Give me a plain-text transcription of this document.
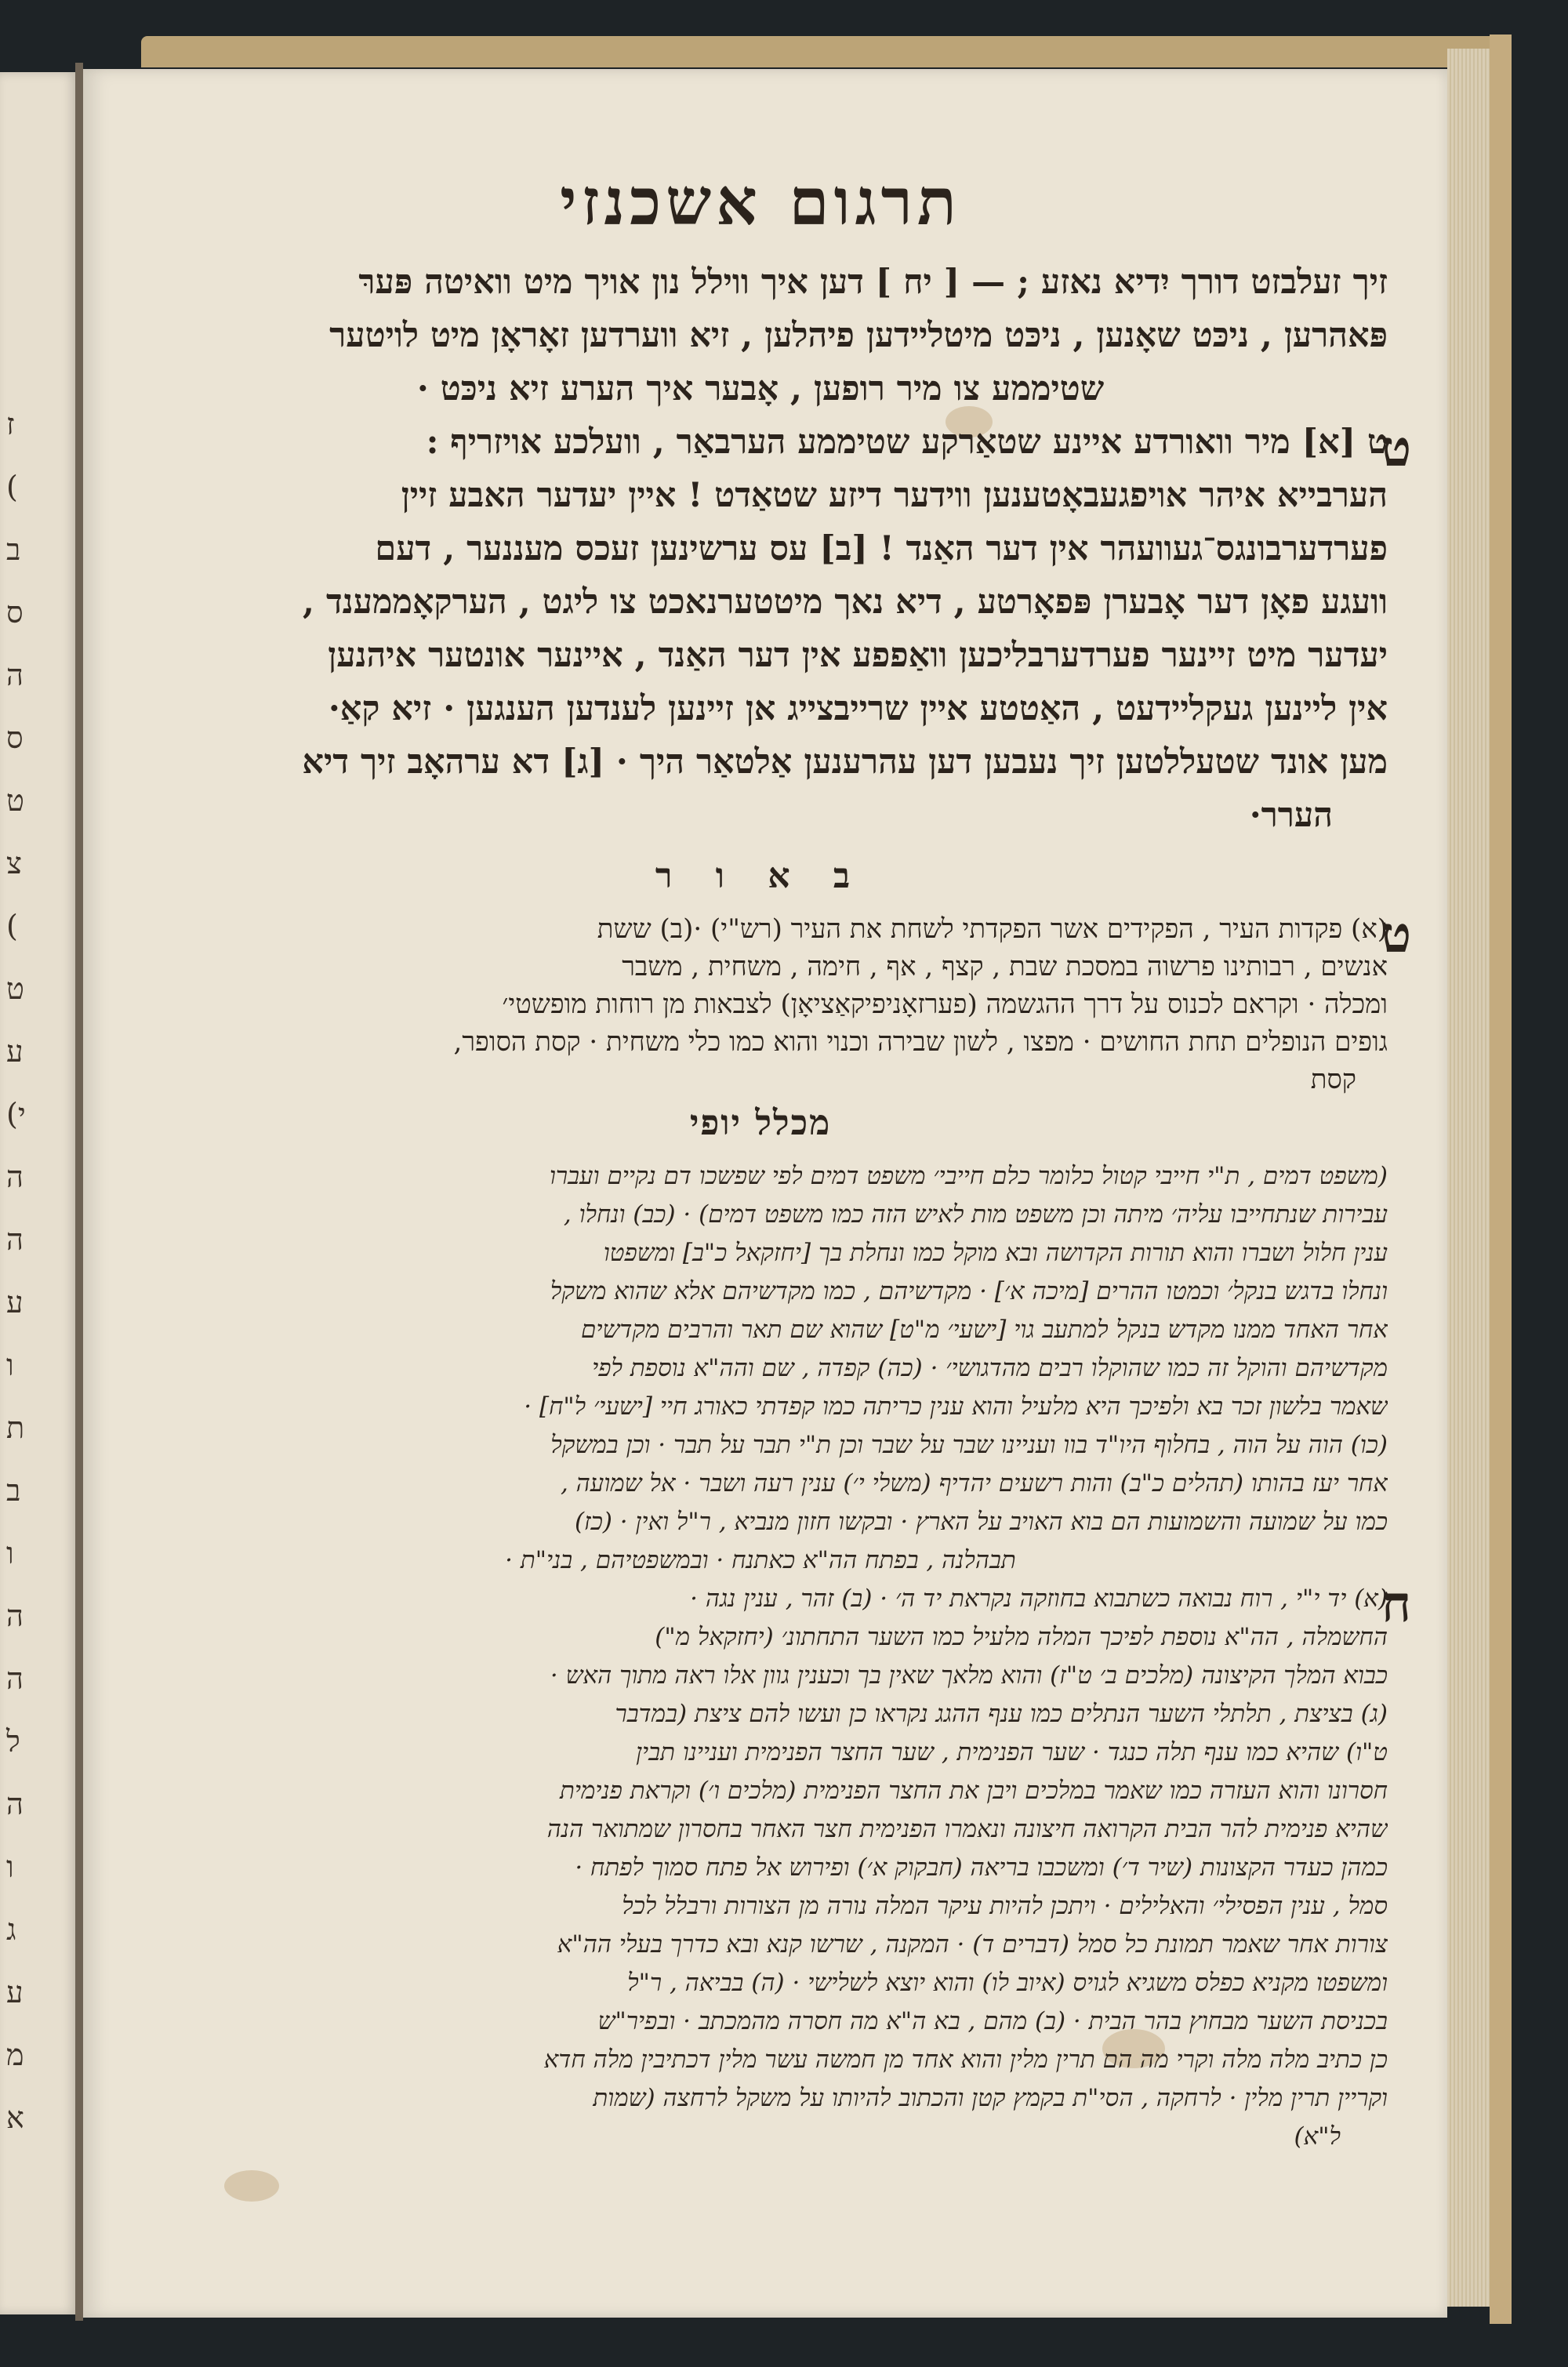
ז
(
ב
ס
ה
ס
ט
צ
(
ט
ע
(י
ה
ה
ע
ו
ת
ב
ו
ה
ה
ל
ה
ו
ג
ע
מ
א
תרגום אשכנזי
ט
זיך זעלבזט דורך יִדיא נאזע ; — [ יח ] דען איך ווילל נון אויך מיט וואיטה פּערּ
פּאהרען , ניכּט שאָנען , ניכּט מיטליידען פיהלען , זיא ווערדען זאָראָן מיט לויטער
שטיממע צו מיר רופען , אָבער איך הערע זיא ניכּט ·
ט [א] מיר וואורדע איינע שטאַרקע שטיממע הערבאַר , וועלכע אויזריף :
הערבייא איהר אויפגעבאָטענען ווידער דיזע שטאַדט ! איין יעדער האבע זיין
פערדערבונגס־געוועהר אין דער האַנד ! [ב] עס ערשינען זעכס מעננער , דעם
וועגע פאָן דער אָבערן פּפאָרטע , דיא נאך מיטטערנאכט צו ליגט , הערקאָממענד ,
יעדער מיט זיינער פערדערבליכען וואַפפע אין דער האַנד , איינער אונטער איהנען
אין ליינען געקליידעט , האַטטע איין שרייבצייג אן זיינען לענדען הענגען · זיא קאַ·
מען אונד שטעללטען זיך נעבען דען עהרענען אַלטאַר היך · [ג] דא ערהאָב זיך דיא
הערר·
ב א ו ר
ט
(א) פקדות העיר , הפקידים אשר הפקדתי לשחת את העיר (רש"י) ·(ב) ששת
אנשים , רבותינו פרשוה במסכת שבת , קצף , אף , חימה , משחית , משבר
ומכלה · וקראם לכנוס על דרך ההגשמה (פערזאָניפיקאַציאָן) לצבאות מן רוחות מופשטי׳
גופים הנופלים תחת החושים · מפצו , לשון שבירה וכנוי והוא כמו כלי משחית · קסת הסופר,
קסת
מכלל יופי
(משפט דמים , ת"י חייבי קטול כלומר כלם חייבי׳ משפט דמים לפי שפשכו דם נקיים ועברו
עבירות שנתחייבו עליה׳ מיתה וכן משפט מות לאיש הזה כמו משפט דמים) · (כב) ונחלו ,
ענין חלול ושברו והוא תורות הקדושה ובא מוקל כמו ונחלת בך [יחזקאל כ"ב] ומשפטו
ונחלו בדגש בנקל׳ וכמטו ההרים [מיכה א׳] · מקדשיהם , כמו מקדשיהם אלא שהוא משקל
אחר האחד ממנו מקדש בנקל למתעב גוי [ישעי׳ מ"ט] שהוא שם תאר והרבים מקדשים
מקדשיהם והוקל זה כמו שהוקלו רבים מהדגושי׳ · (כה) קפדה , שם והה"א נוספת לפי
שאמר בלשון זכר בא ולפיכך היא מלעיל והוא ענין כריתה כמו קפדתי כאורג חיי [ישעי׳ ל"ח] ·
(כו) הוה על הוה , בחלוף היו"ד בוו ועניינו שבר על שבר וכן ת"י תבר על תבר · וכן במשקל
אחר יעז בהותו (תהלים כ"ב) והות רשעים יהדיף (משלי י׳) ענין רעה ושבר · אל שמועה ,
כמו על שמועה והשמועות הם בוא האויב על הארץ · ובקשו חזון מנביא , ר"ל ואין · (כז)
תבהלנה , בפתח הה"א כאתנח · ובמשפטיהם , בני"ת ·
ח
(א) יד י"י , רוח נבואה כשתבוא בחוזקה נקראת יד ה׳ · (ב) זהר , ענין נגה ·
החשמלה , הה"א נוספת לפיכך המלה מלעיל כמו השער התחתונ׳ (יחזקאל מ")
כבוא המלך הקיצונה (מלכים ב׳ ט"ז) והוא מלאך שאין בך וכענין גוון אלו ראה מתוך האש ·
(ג) בציצת , תלתלי השער הנתלים כמו ענף ההגג נקראו כן ועשו להם ציצת (במדבר
ט"ו) שהיא כמו ענף תלה כנגד · שער הפנימית , שער החצר הפנימית ועניינו תבין
חסרונו והוא העזרה כמו שאמר במלכים ויבן את החצר הפנימית (מלכים ו׳) וקראת פנימית
שהיא פנימית להר הבית הקרואה חיצונה ונאמרו הפנימית חצר האחר בחסרון שמתואר הנה
כמהן כעדר הקצונות (שיר ד׳) ומשכבו בריאה (חבקוק א׳) ופירוש אל פתח סמוך לפתח ·
סמל , ענין הפסילי׳ והאלילים · ויתכן להיות עיקר המלה נורה מן הצורות ורבלל לכל
צורות אחר שאמר תמונת כל סמל (דברים ד) · המקנה , שרשו קנא ובא כדרך בעלי הה"א
ומשפטו מקניא כפלס משגיא לגויס (איוב לו) והוא יוצא לשלישי · (ה) בביאה , ר"ל
בכניסת השער מבחוץ בהר הבית · (ב) מהם , בא ה"א מה חסרה מהמכתב · ובפיר"ש
כן כתיב מלה מלה וקרי מה הם תרין מלין והוא אחד מן חמשה עשר מלין דכתיבין מלה חדא
וקריין תרין מלין · לרחקה , הסי"ת בקמץ קטן והכתוב להיותו על משקל לרחצה (שמות
ל"א)
